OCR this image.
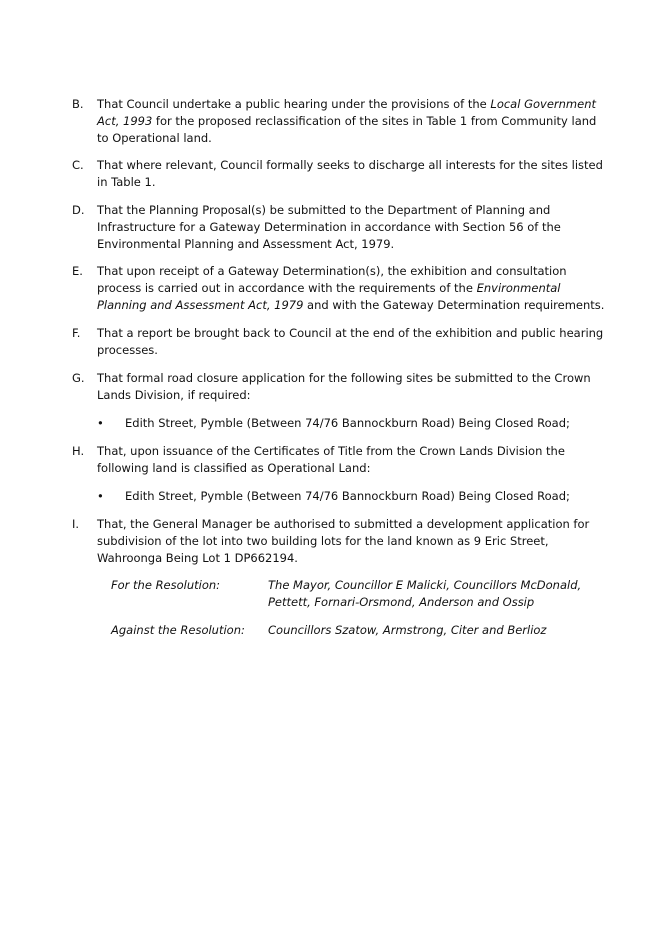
B.	That Council undertake a public hearing under the provisions of the Local Government Act, 1993 for the proposed reclassification of the sites in Table 1 from Community land to Operational land.
C.	That where relevant, Council formally seeks to discharge all interests for the sites listed in Table 1.
D.	That the Planning Proposal(s) be submitted to the Department of Planning and Infrastructure for a Gateway Determination in accordance with Section 56 of the Environmental Planning and Assessment Act, 1979.
E.	That upon receipt of a Gateway Determination(s), the exhibition and consultation process is carried out in accordance with the requirements of the Environmental Planning and Assessment Act, 1979 and with the Gateway Determination requirements.
F.	That a report be brought back to Council at the end of the exhibition and public hearing processes.
G.	That formal road closure application for the following sites be submitted to the Crown Lands Division, if required:
• Edith Street, Pymble (Between 74/76 Bannockburn Road) Being Closed Road;
H.	That, upon issuance of the Certificates of Title from the Crown Lands Division the following land is classified as Operational Land:
• Edith Street, Pymble (Between 74/76 Bannockburn Road) Being Closed Road;
I.	That, the General Manager be authorised to submitted a development application for subdivision of the lot into two building lots for the land known as 9 Eric Street, Wahroonga Being Lot 1 DP662194.
For the Resolution:	The Mayor, Councillor E Malicki, Councillors McDonald, Pettett, Fornari-Orsmond, Anderson and Ossip
Against the Resolution:	Councillors Szatow, Armstrong, Citer and Berlioz
